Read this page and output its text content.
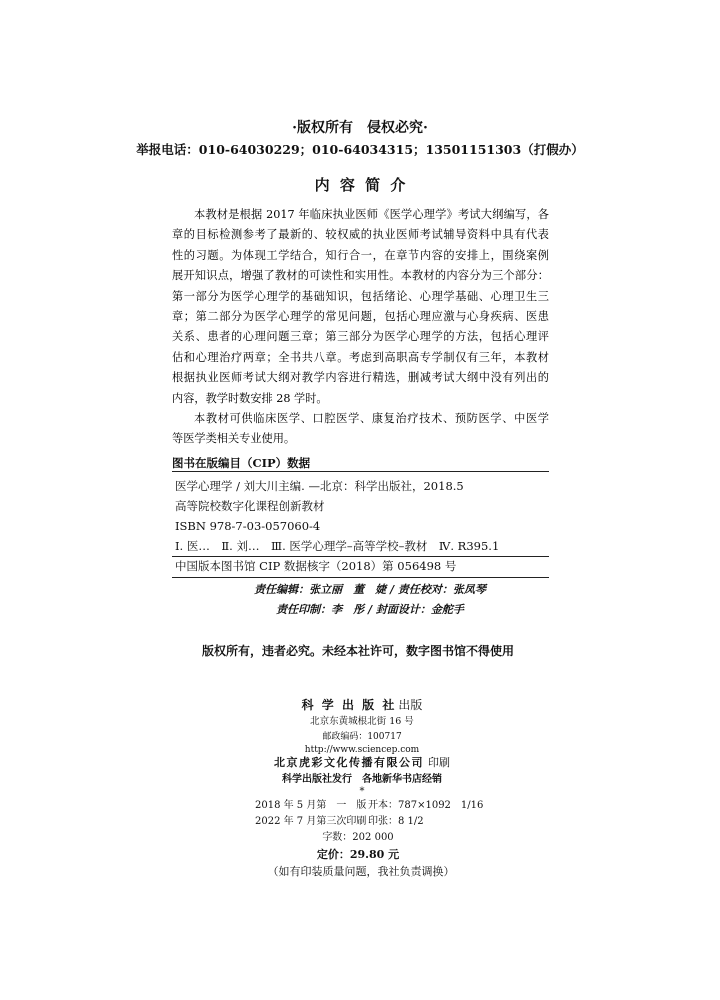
·版权所有　侵权必究·
举报电话：010-64030229；010-64034315；13501151303（打假办）
内 容 简 介
本教材是根据 2017 年临床执业医师《医学心理学》考试大纲编写，各
章的目标检测参考了最新的、较权威的执业医师考试辅导资料中具有代表
性的习题。为体现工学结合，知行合一，在章节内容的安排上，围绕案例
展开知识点，增强了教材的可读性和实用性。本教材的内容分为三个部分：
第一部分为医学心理学的基础知识，包括绪论、心理学基础、心理卫生三
章；第二部分为医学心理学的常见问题，包括心理应激与心身疾病、医患
关系、患者的心理问题三章；第三部分为医学心理学的方法，包括心理评
估和心理治疗两章；全书共八章。考虑到高职高专学制仅有三年，本教材
根据执业医师考试大纲对教学内容进行精选，删减考试大纲中没有列出的
内容，教学时数安排 28 学时。
本教材可供临床医学、口腔医学、康复治疗技术、预防医学、中医学
等医学类相关专业使用。
图书在版编目（CIP）数据
医学心理学 / 刘大川主编. —北京：科学出版社，2018.5
高等院校数字化课程创新教材
ISBN 978-7-03-057060-4
Ⅰ. 医…　Ⅱ. 刘…　Ⅲ. 医学心理学–高等学校–教材　Ⅳ. R395.1
中国版本图书馆 CIP 数据核字（2018）第 056498 号
责任编辑：张立丽　董　婕 / 责任校对：张凤琴
责任印制：李　彤 / 封面设计：金舵手
版权所有，违者必究。未经本社许可，数字图书馆不得使用
科 学 出 版 社 出版
北京东黄城根北街 16 号
邮政编码：100717
http://www.sciencep.com
北京虎彩文化传播有限公司 印刷
科学出版社发行　各地新华书店经销
*
2018 年 5 月第　一　版 开本：787×1092　1/16
2022 年 7 月第三次印刷 印张：8 1/2
字数：202 000
定价：29.80 元
（如有印装质量问题，我社负责调换）
